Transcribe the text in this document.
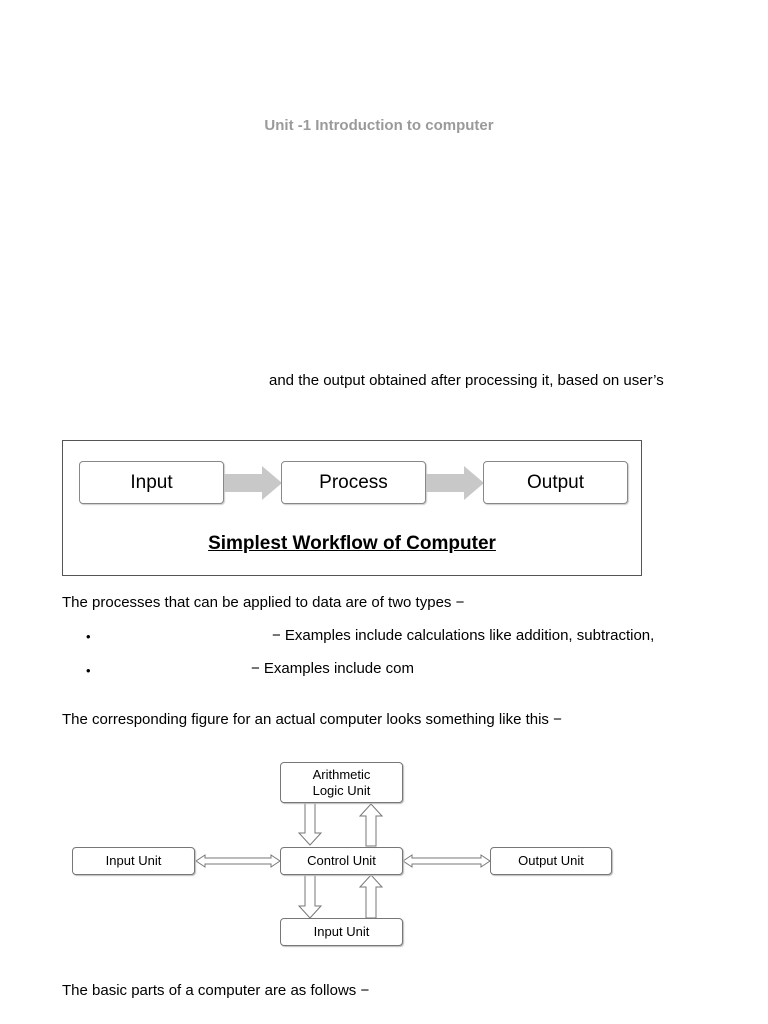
Unit -1 Introduction to computer
and the output obtained after processing it, based on user’s
Input	Process	Output
Simplest Workflow of Computer
The processes that can be applied to data are of two types −
•	− Examples include calculations like addition, subtraction,
•	− Examples include com
The corresponding figure for an actual computer looks something like this −
Arithmetic
Logic Unit
Input Unit	Control Unit	Output Unit
Input Unit
The basic parts of a computer are as follows −
